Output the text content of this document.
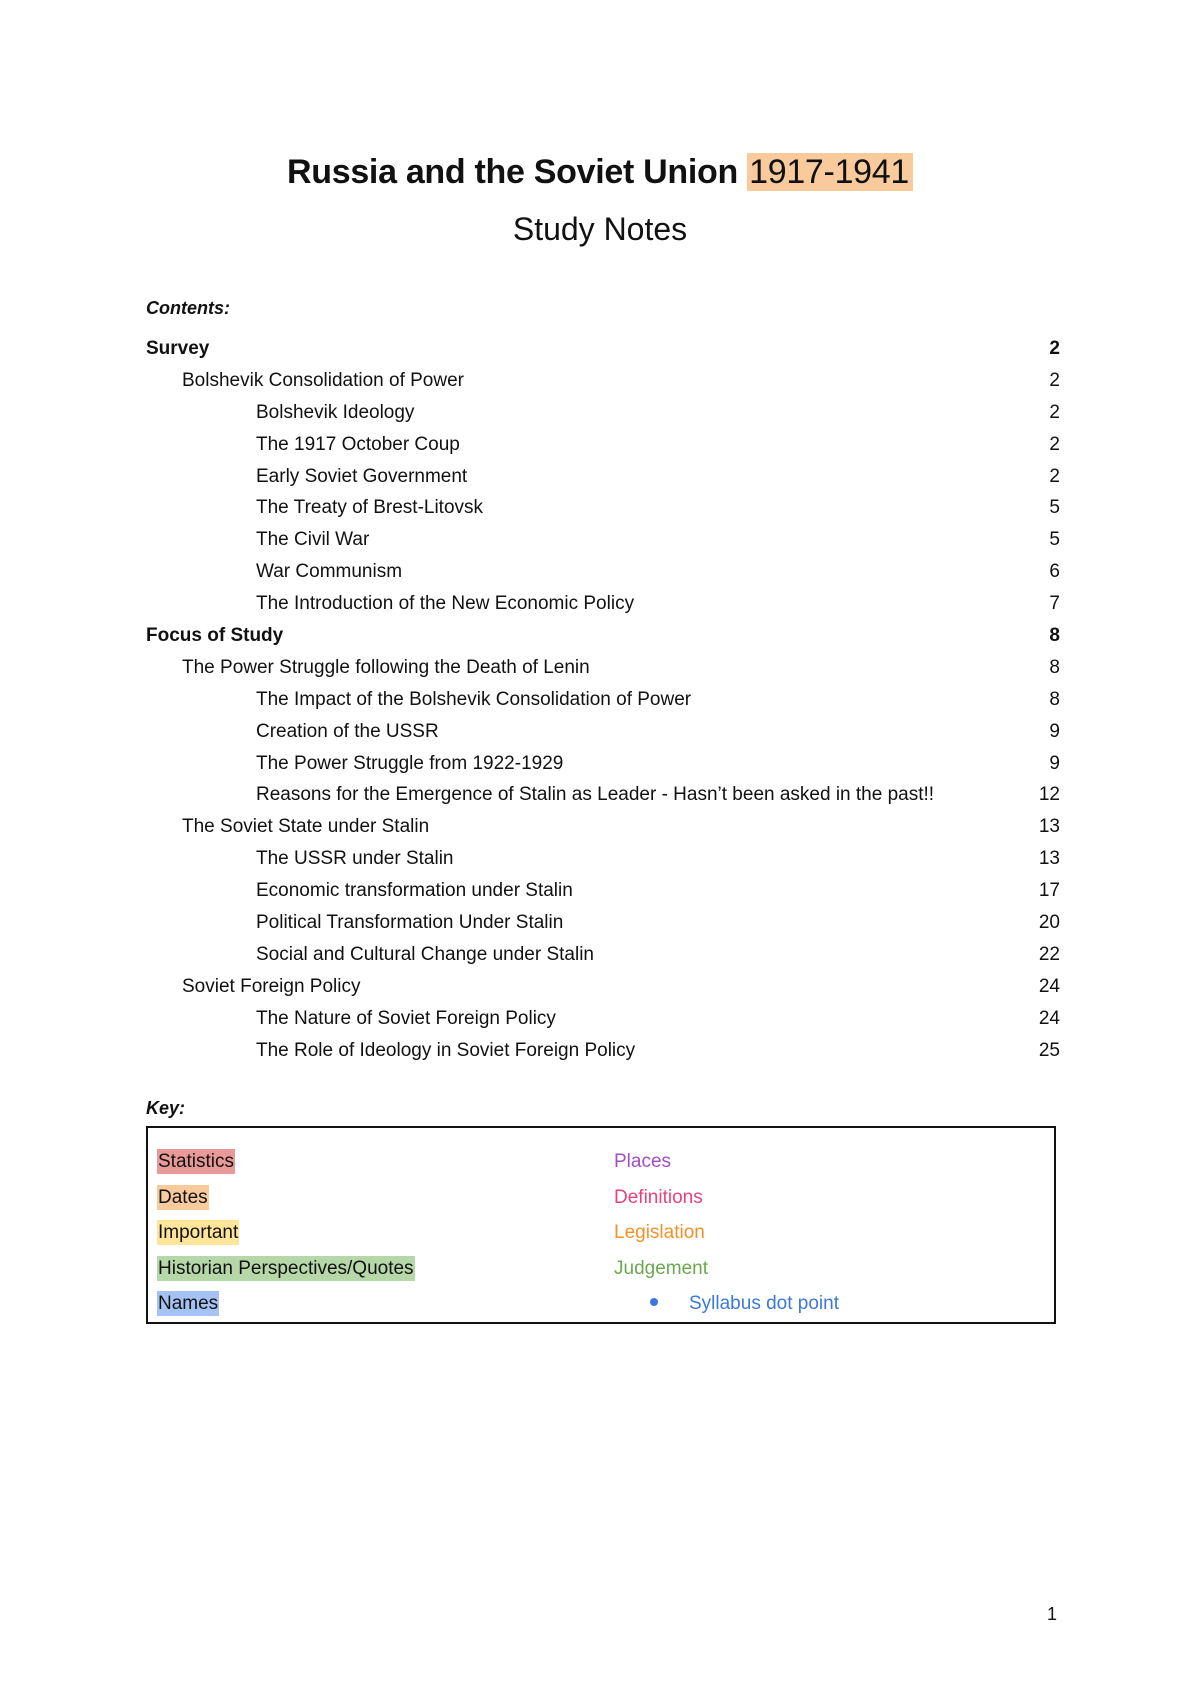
Russia and the Soviet Union 1917-1941
Study Notes
Contents:
Survey	2
Bolshevik Consolidation of Power	2
Bolshevik Ideology	2
The 1917 October Coup	2
Early Soviet Government	2
The Treaty of Brest-Litovsk	5
The Civil War	5
War Communism	6
The Introduction of the New Economic Policy	7
Focus of Study	8
The Power Struggle following the Death of Lenin	8
The Impact of the Bolshevik Consolidation of Power	8
Creation of the USSR	9
The Power Struggle from 1922-1929	9
Reasons for the Emergence of Stalin as Leader - Hasn’t been asked in the past!!	12
The Soviet State under Stalin	13
The USSR under Stalin	13
Economic transformation under Stalin	17
Political Transformation Under Stalin	20
Social and Cultural Change under Stalin	22
Soviet Foreign Policy	24
The Nature of Soviet Foreign Policy	24
The Role of Ideology in Soviet Foreign Policy	25
Key:
Statistics
Dates
Important
Historian Perspectives/Quotes
Names
Places
Definitions
Legislation
Judgement
Syllabus dot point
1
